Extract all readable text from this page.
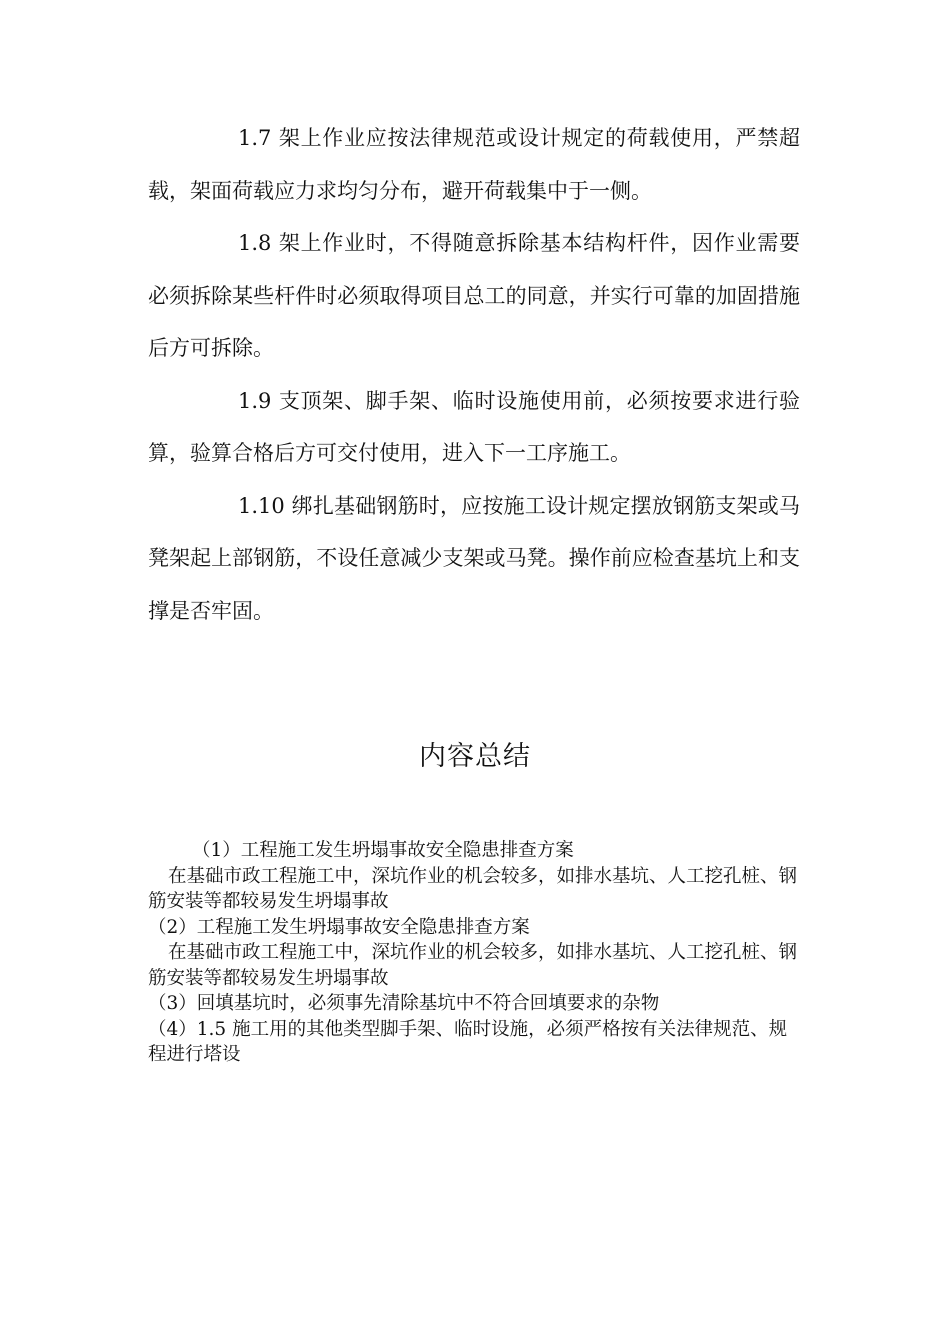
1.7 架上作业应按法律规范或设计规定的荷载使用，严禁超载，架面荷载应力求均匀分布，避开荷载集中于一侧。

1.8 架上作业时，不得随意拆除基本结构杆件，因作业需要必须拆除某些杆件时必须取得项目总工的同意，并实行可靠的加固措施后方可拆除。

1.9 支顶架、脚手架、临时设施使用前，必须按要求进行验算，验算合格后方可交付使用，进入下一工序施工。

1.10 绑扎基础钢筋时，应按施工设计规定摆放钢筋支架或马凳架起上部钢筋，不设任意减少支架或马凳。操作前应检查基坑上和支撑是否牢固。

内容总结

（1）工程施工发生坍塌事故安全隐患排查方案

在基础市政工程施工中，深坑作业的机会较多，如排水基坑、人工挖孔桩、钢筋安装等都较易发生坍塌事故

（2）工程施工发生坍塌事故安全隐患排查方案

在基础市政工程施工中，深坑作业的机会较多，如排水基坑、人工挖孔桩、钢筋安装等都较易发生坍塌事故

（3）回填基坑时，必须事先清除基坑中不符合回填要求的杂物

（4）1.5 施工用的其他类型脚手架、临时设施，必须严格按有关法律规范、规程进行塔设
